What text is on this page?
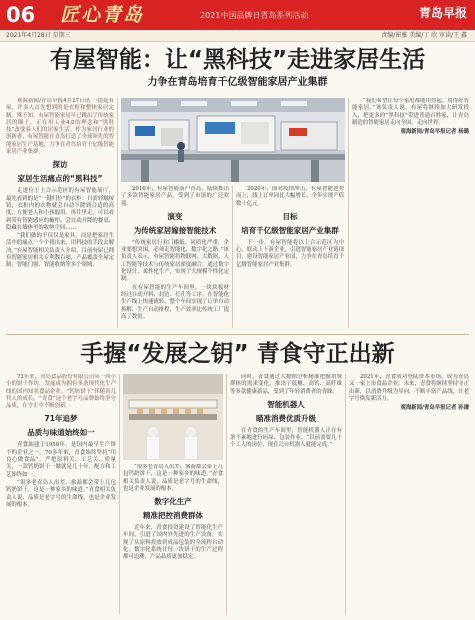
06 匠心青岛	2021中国品牌日青岛系列活动	青岛早报
2021年4月28日 星期三	责编/崔雅 美编/丁 欣 审读/王 鑫
有屋智能：让“黑科技”走进家居生活
力争在青岛培育千亿级智能家居产业集群

观海新闻/青岛早报4月27日讯 一提起有屋，许多人首先想到的是衣柜和整体家居定制。殊不知，有屋智能家居早已跳出了传统家居的圈子，正在用工业4.0的理念和“黑科技”改变着人们的居家生活。作为家居行业的创新者，有屋智能在青岛打造了全球领先的智能家居生产基地，力争在青岛培育千亿级智能家居产业集群。

探访
家居生活痛点的“黑科技”

走进位于上合示范区的有屋智能展厅，最先看到的是“一键归位”的衣柜：只需轻触按钮，衣柜内的衣物就会自动下降到合适的高度，方便老人和小孩取用。再往里走，可以看到带有智能感应的橱柜、会自动升降的餐桌、隐藏在墙体里的收纳空间……

“我们做的不仅仅是家具，而是把家居生活中的痛点一个个找出来，用科技的手段去解决。”有屋智能相关负责人介绍，目前有屋已拥有智能家居相关专利数百项，产品覆盖全屋定制、智能门窗、智能收纳等多个领域。

2016年，有屋智能落户青岛，陆续推出了多款智能家居产品，受到了市场的广泛欢迎。

演变
为传统家居嫁接智能技术

“传统家居行业门槛低、同质化严重，企业要想突围，必须走智能化、数字化之路。”该负责人表示，有屋智能将物联网、大数据、人工智能等技术与传统家居深度融合，通过数字化设计、柔性化生产，实现了大规模个性化定制。

在有屋智能的生产车间里，一块块板材经过自动开料、封边、打孔等工序，在智能化生产线上快速流转。整个车间实现了订单自动拆解、生产自动排程，生产效率比传统工厂提高了数倍。

2020年，面对疫情冲击，有屋智能逆势而上，线上订单同比大幅增长，全年实现产值数十亿元。

目标
培育千亿级智能家居产业集群

下一步，有屋智能将以上合示范区为中心，联动上下游企业，引进智能家居产业链项目，建设智能家居产业园，力争在青岛培育千亿级智能家居产业集群。

“我们希望让每个家庭都能用得起、用得好智能家居。”该负责人说，有屋将继续加大研发投入，把更多的“黑科技”带进普通百姓家，让青岛制造的智能家居走向全国、走向世界。

观海新闻/青岛早报记者 杨璐
手握“发展之钥” 青食守正出新

71年来，青岛食品股份有限公司从一间小小的饼干作坊，发展成为拥有多条现代化生产线的国内知名食品企业。“钙奶饼干”伴随着几代人的成长，“青食”这个老字号品牌始终坚守品质，在守正中不断创新。

71年追梦
品质与味道始终如一

青食始建于1950年，是国内最早生产饼干的企业之一。70多年来，青食始终坚持“用良心做食品”，严把原料关、工艺关、质量关，一款钙奶饼干一做就是几十年，配方和工艺始终如一。

“很多老青岛人出差、旅游都会带上几包钙奶饼干，这是一种家乡的味道。”青食相关负责人说，品质是老字号的生命线，也是企业发展的根本。

“很多老青岛人出差、旅游都会带上几包钙奶饼干，这是一种家乡的味道。”青食相关负责人说，品质是老字号的生命线，也是企业发展的根本。

数字化生产
精准把控消费群体

近年来，青食投资建设了智能化生产车间，引进了国内外先进的生产设备，实现了从原料投放到成品包装的全流程自动化。数字化系统让每一块饼干的生产过程都可追溯，产品品质更加稳定。

同时，青食通过大数据分析精准把握消费群体的需求变化，推出了低糖、高钙、高纤维等多款健康新品，受到了年轻消费者的青睐。

智能机器人
瞄准消费优质升级

在青食的生产车间里，智能机器人正在有条不紊地进行码垛、包装作业。“以前需要几十个工人的岗位，现在几台机器人就能完成。”

2021年，青食成功登陆资本市场，成为青岛又一家上市食品企业。未来，青食将继续坚持守正出新，以消费升级为导向，不断丰富产品线，让老字号焕发新活力。

观海新闻/青岛早报记者 孙谦
